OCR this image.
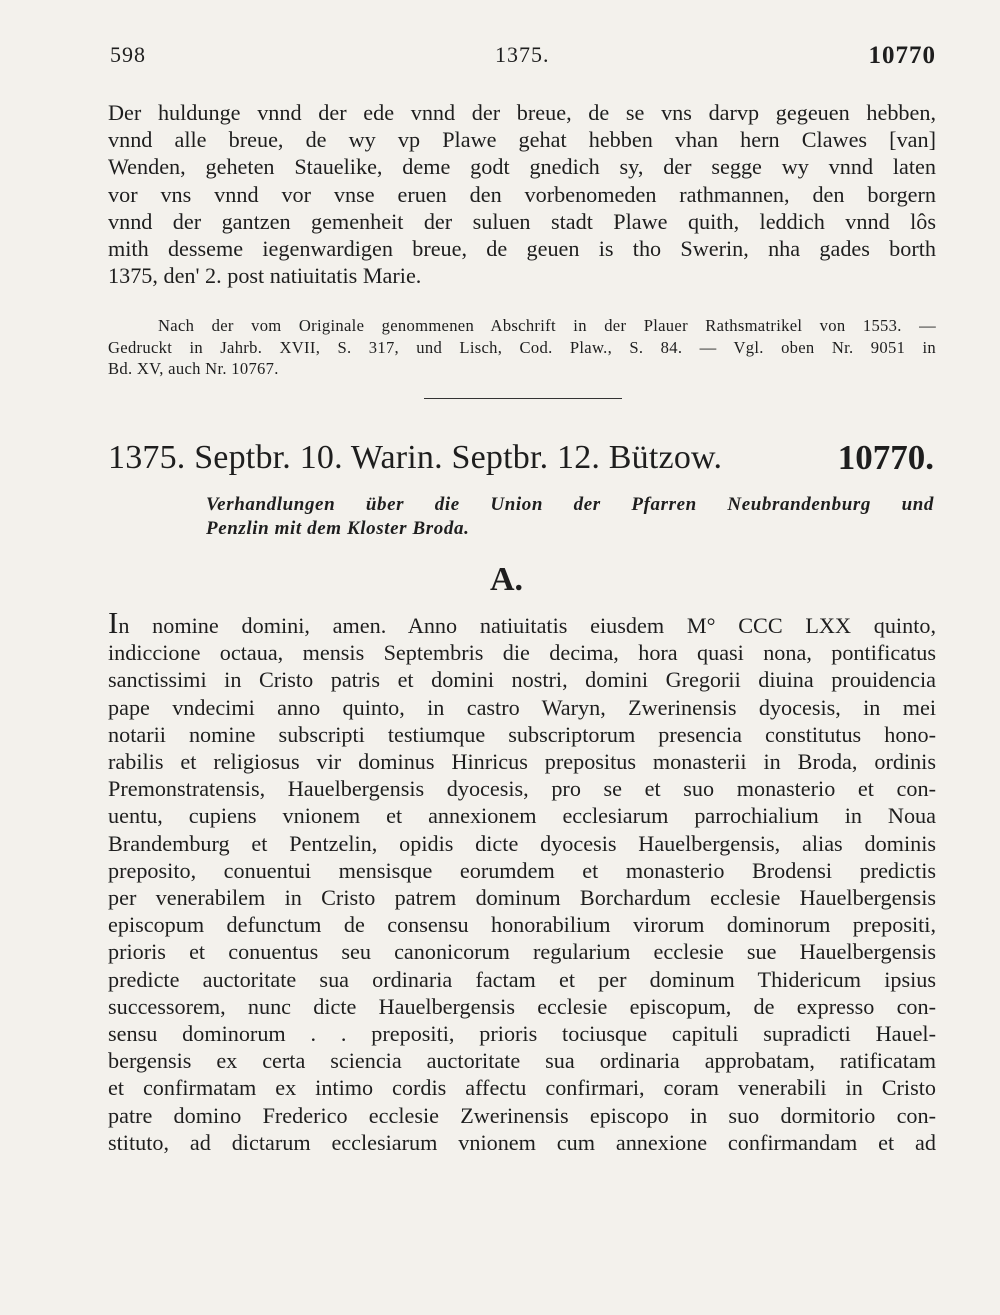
598	1375.	10770
Der huldunge vnnd der ede vnnd der breue, de se vns darvp gegeuen hebben,
vnnd alle breue, de wy vp Plawe gehat hebben vhan hern Clawes [van]
Wenden, geheten Stauelike, deme godt gnedich sy, der segge wy vnnd laten
vor vns vnnd vor vnse eruen den vorbenomeden rathmannen, den borgern
vnnd der gantzen gemenheit der suluen stadt Plawe quith, leddich vnnd lôs
mith desseme iegenwardigen breue, de geuen is tho Swerin, nha gades borth
1375, den' 2. post natiuitatis Marie.
Nach der vom Originale genommenen Abschrift in der Plauer Rathsmatrikel von 1553. —
Gedruckt in Jahrb. XVII, S. 317, und Lisch, Cod. Plaw., S. 84. — Vgl. oben Nr. 9051 in
Bd. XV, auch Nr. 10767.
1375. Septbr. 10. Warin. Septbr. 12. Bützow.	10770.
Verhandlungen über die Union der Pfarren Neubrandenburg und
Penzlin mit dem Kloster Broda.
A.
In nomine domini, amen. Anno natiuitatis eiusdem M° CCC LXX quinto,
indiccione octaua, mensis Septembris die decima, hora quasi nona, pontificatus
sanctissimi in Cristo patris et domini nostri, domini Gregorii diuina prouidencia
pape vndecimi anno quinto, in castro Waryn, Zwerinensis dyocesis, in mei
notarii nomine subscripti testiumque subscriptorum presencia constitutus hono-
rabilis et religiosus vir dominus Hinricus prepositus monasterii in Broda, ordinis
Premonstratensis, Hauelbergensis dyocesis, pro se et suo monasterio et con-
uentu, cupiens vnionem et annexionem ecclesiarum parrochialium in Noua
Brandemburg et Pentzelin, opidis dicte dyocesis Hauelbergensis, alias dominis
preposito, conuentui mensisque eorumdem et monasterio Brodensi predictis
per venerabilem in Cristo patrem dominum Borchardum ecclesie Hauelbergensis
episcopum defunctum de consensu honorabilium virorum dominorum prepositi,
prioris et conuentus seu canonicorum regularium ecclesie sue Hauelbergensis
predicte auctoritate sua ordinaria factam et per dominum Thidericum ipsius
successorem, nunc dicte Hauelbergensis ecclesie episcopum, de expresso con-
sensu dominorum . . prepositi, prioris tociusque capituli supradicti Hauel-
bergensis ex certa sciencia auctoritate sua ordinaria approbatam, ratificatam
et confirmatam ex intimo cordis affectu confirmari, coram venerabili in Cristo
patre domino Frederico ecclesie Zwerinensis episcopo in suo dormitorio con-
stituto, ad dictarum ecclesiarum vnionem cum annexione confirmandam et ad
